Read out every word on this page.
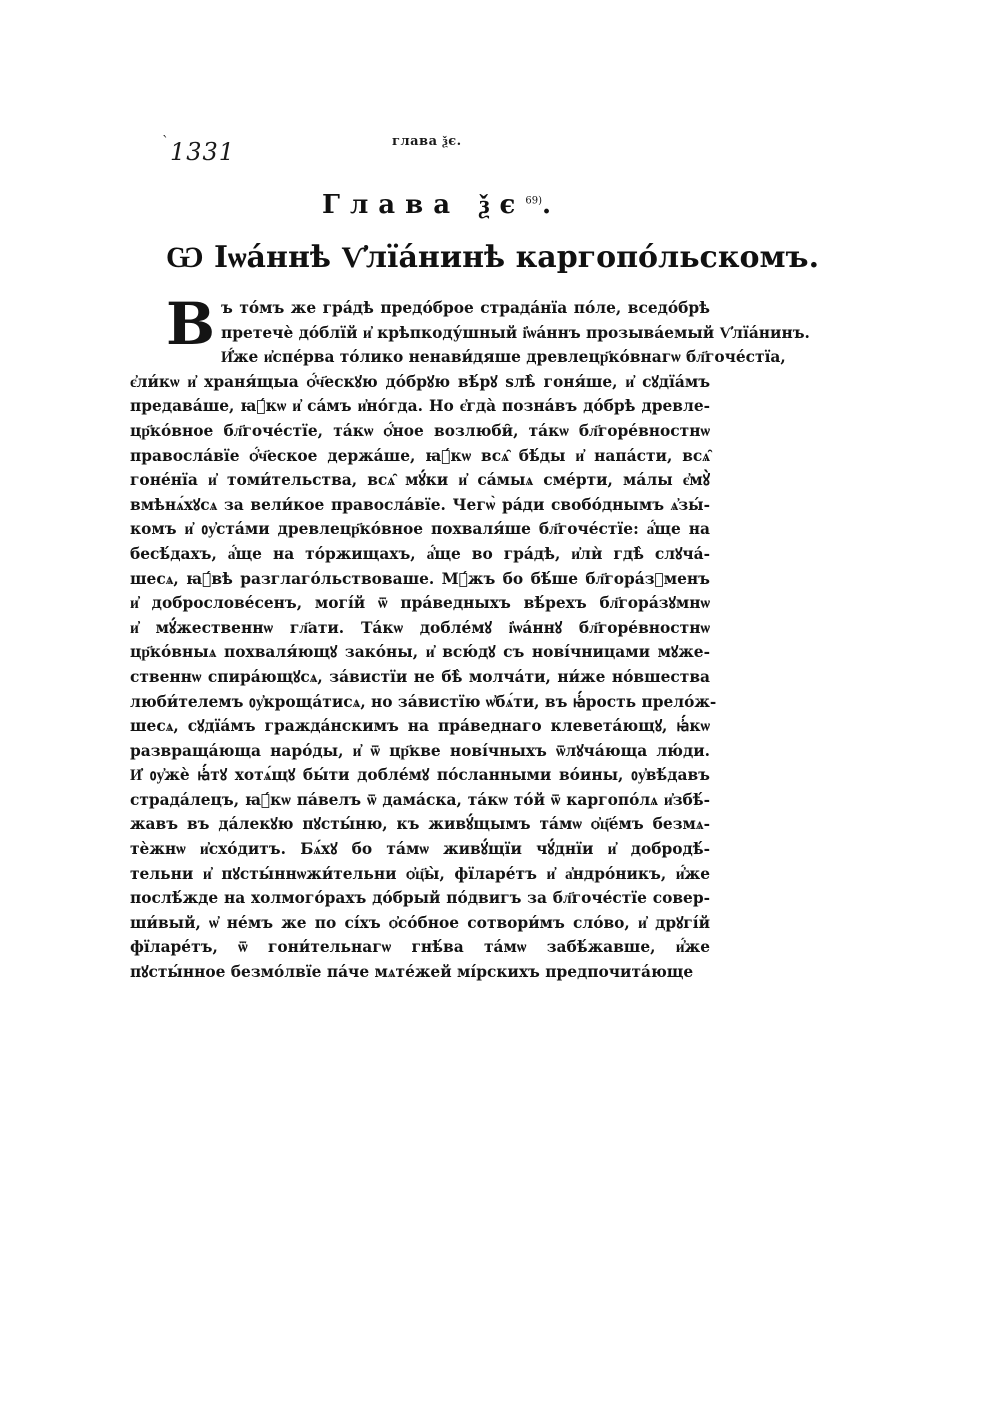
` 1331	глава ѯє.
Глава $ѯє^{69)}$.
Ѡ Іѡа́ннѣ Ѵ҆лїа́нинѣ каргопо́льскомъ.
В ъ то́мъ же гра́дѣ предо́брое страда́нїа по́ле, вседо́брѣ
претечѐ до́блїй и҆ крѣпкоду́шный і҆ѡа́ннъ прозыва́емый Ѵ҆лїа́нинъ.
И҆́же и҆спе́рва то́лико ненави́дяше древлецр҃ко́внагѡ бл҃гоче́стїа,
є҆ли́кѡ и҆ храня́щыа ѻ҆́ч҃ескꙋю до́брꙋю вѣ́рꙋ ѕлѣ̀ гоня́ше, и҆ сꙋдїа́мъ
предава́ше, ꙗ҆́кѡ и҆ са́мъ и҆но́гда. Но є҆гда̀ позна́въ до́брѣ древле-
цр҃ко́вное бл҃гоче́стїе, та́кѡ ѻ҆́ное возлюби̑, та́кѡ бл҃горе́вностнѡ
правосла́вїе ѻ҆́ч҃еское держа́ше, ꙗ҆́кѡ всѧ̑ бѣ́ды и҆ напа́сти, всѧ̑
гоне́нїа и҆ томи́тельства, всѧ̑ мꙋ́ки и҆ са́мыѧ сме́рти, ма́лы є҆мꙋ̀
вмѣнѧ́хꙋсѧ за вели́кое правосла́вїе. Чегѡ̀ ра́ди свобо́днымъ ѧ҆зы́-
комъ и҆ ᲂу҆ста́ми древлецр҃ко́вное похваля́ше бл҃гоче́стїе: а҆́ще на
бесѣ́дахъ, а҆́ще на то́ржищахъ, а҆́ще во гра́дѣ, и҆лѝ гдѣ̀ слꙋча́-
шесѧ, ꙗ҆́вѣ разглаго́льствоваше. Мꙋ́жъ бо бѣ́ше бл҃гора́зꙋменъ
и҆ доброслове́сенъ, могі́й ѿ пра́ведныхъ вѣ́рехъ бл҃гора́зꙋмнѡ
и҆ мꙋ́жественнѡ гл҃ати. Та́кѡ добле́мꙋ і҆ѡа́ннꙋ бл҃горе́вностнѡ
цр҃ко́вныѧ похваля́ющꙋ зако́ны, и҆ всю́дꙋ съ нові́чницами мꙋже-
ственнѡ спира́ющꙋсѧ, за́вистїи не бѣ̀ молча́ти, ни́же но́вшества
люби́телемъ ᲂу҆кроща́тисѧ, но за́вистїю ѡ҆бѧ́ти, въ ꙗ҆́рость прело́ж-
шесѧ, сꙋдїа́мъ гражда́нскимъ на пра́веднаго клевета́ющꙋ, ꙗ҆́кѡ
развраща́юща наро́ды, и҆ ѿ цр҃кве нові́чныхъ ѿлꙋча́юща лю́ди.
И҆ ᲂу҆жѐ ꙗ҆́тꙋ хотѧ́щꙋ бы́ти добле́мꙋ по́сланными во́ины, ᲂу҆вѣ́давъ
страда́лецъ, ꙗ҆́кѡ па́велъ ѿ дама́ска, та́кѡ то́й ѿ каргопо́лѧ и҆збѣ́-
жавъ въ да́лекꙋю пꙋсты́ню, къ живꙋ́щымъ та́мѡ ѻ҆ц҃е́мъ безмѧ-
тѐжнѡ и҆схо́дитъ. Бѧ́хꙋ бо та́мѡ живꙋ́щїи чꙋ́днїи и҆ добродѣ́-
тельни и҆ пꙋсты́ннѡжи́тельни ѻ҆ц҃ы̀, фїларе́тъ и҆ а҆ндро́никъ, и҆́же
послѣ́жде на холмого́рахъ до́брый по́двигъ за бл҃гоче́стїе совер-
ши́вый, ѡ҆ не́мъ же по сі́хъ ѻ҆со́бное сотвори́мъ сло́во, и҆ дрꙋгі́й
фїларе́тъ, ѿ гони́тельнагѡ гнѣ́ва та́мѡ забѣ́жавше, и҆́же
пꙋсты́нное безмо́лвїе па́че мѧте́жей мі́рскихъ предпочита́юще
